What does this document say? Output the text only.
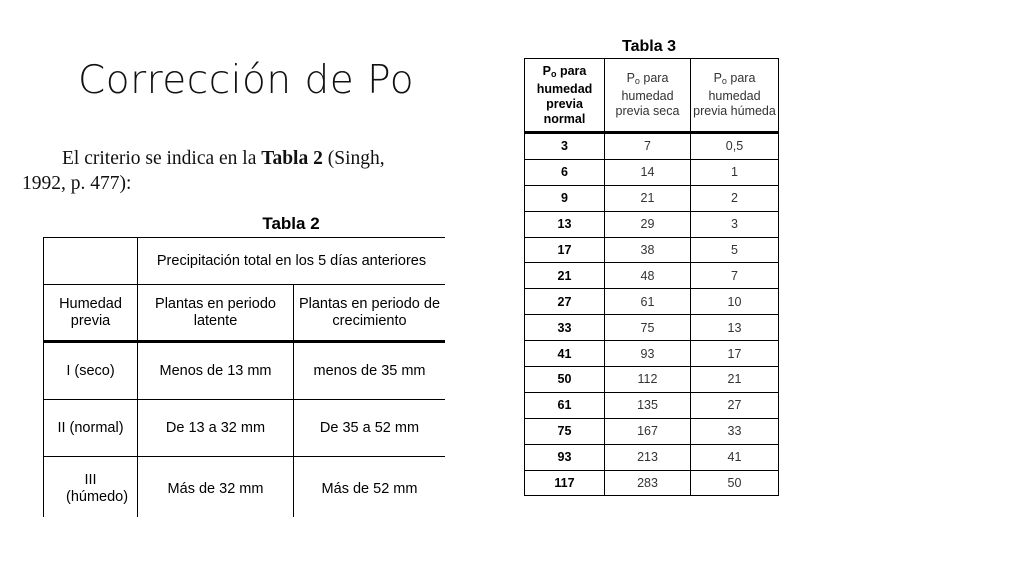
Corrección de Po
El criterio se indica en la Tabla 2 (Singh,
1992, p. 477):
Tabla 2
	Precipitación total en los 5 días anteriores	
Humedad previa	Plantas en periodo latente	Plantas en periodo de crecimiento
I (seco)	Menos de 13 mm	menos de 35 mm
II (normal)	De 13 a 32 mm	De 35 a 52 mm
III (húmedo)	Más de 32 mm	Más de 52 mm
Tabla 3
$P_o$ para humedad previa normal	$P_o$ para humedad previa seca	$P_o$ para humedad previa húmeda
3	7	0,5
6	14	1
9	21	2
13	29	3
17	38	5
21	48	7
27	61	10
33	75	13
41	93	17
50	112	21
61	135	27
75	167	33
93	213	41
117	283	50
